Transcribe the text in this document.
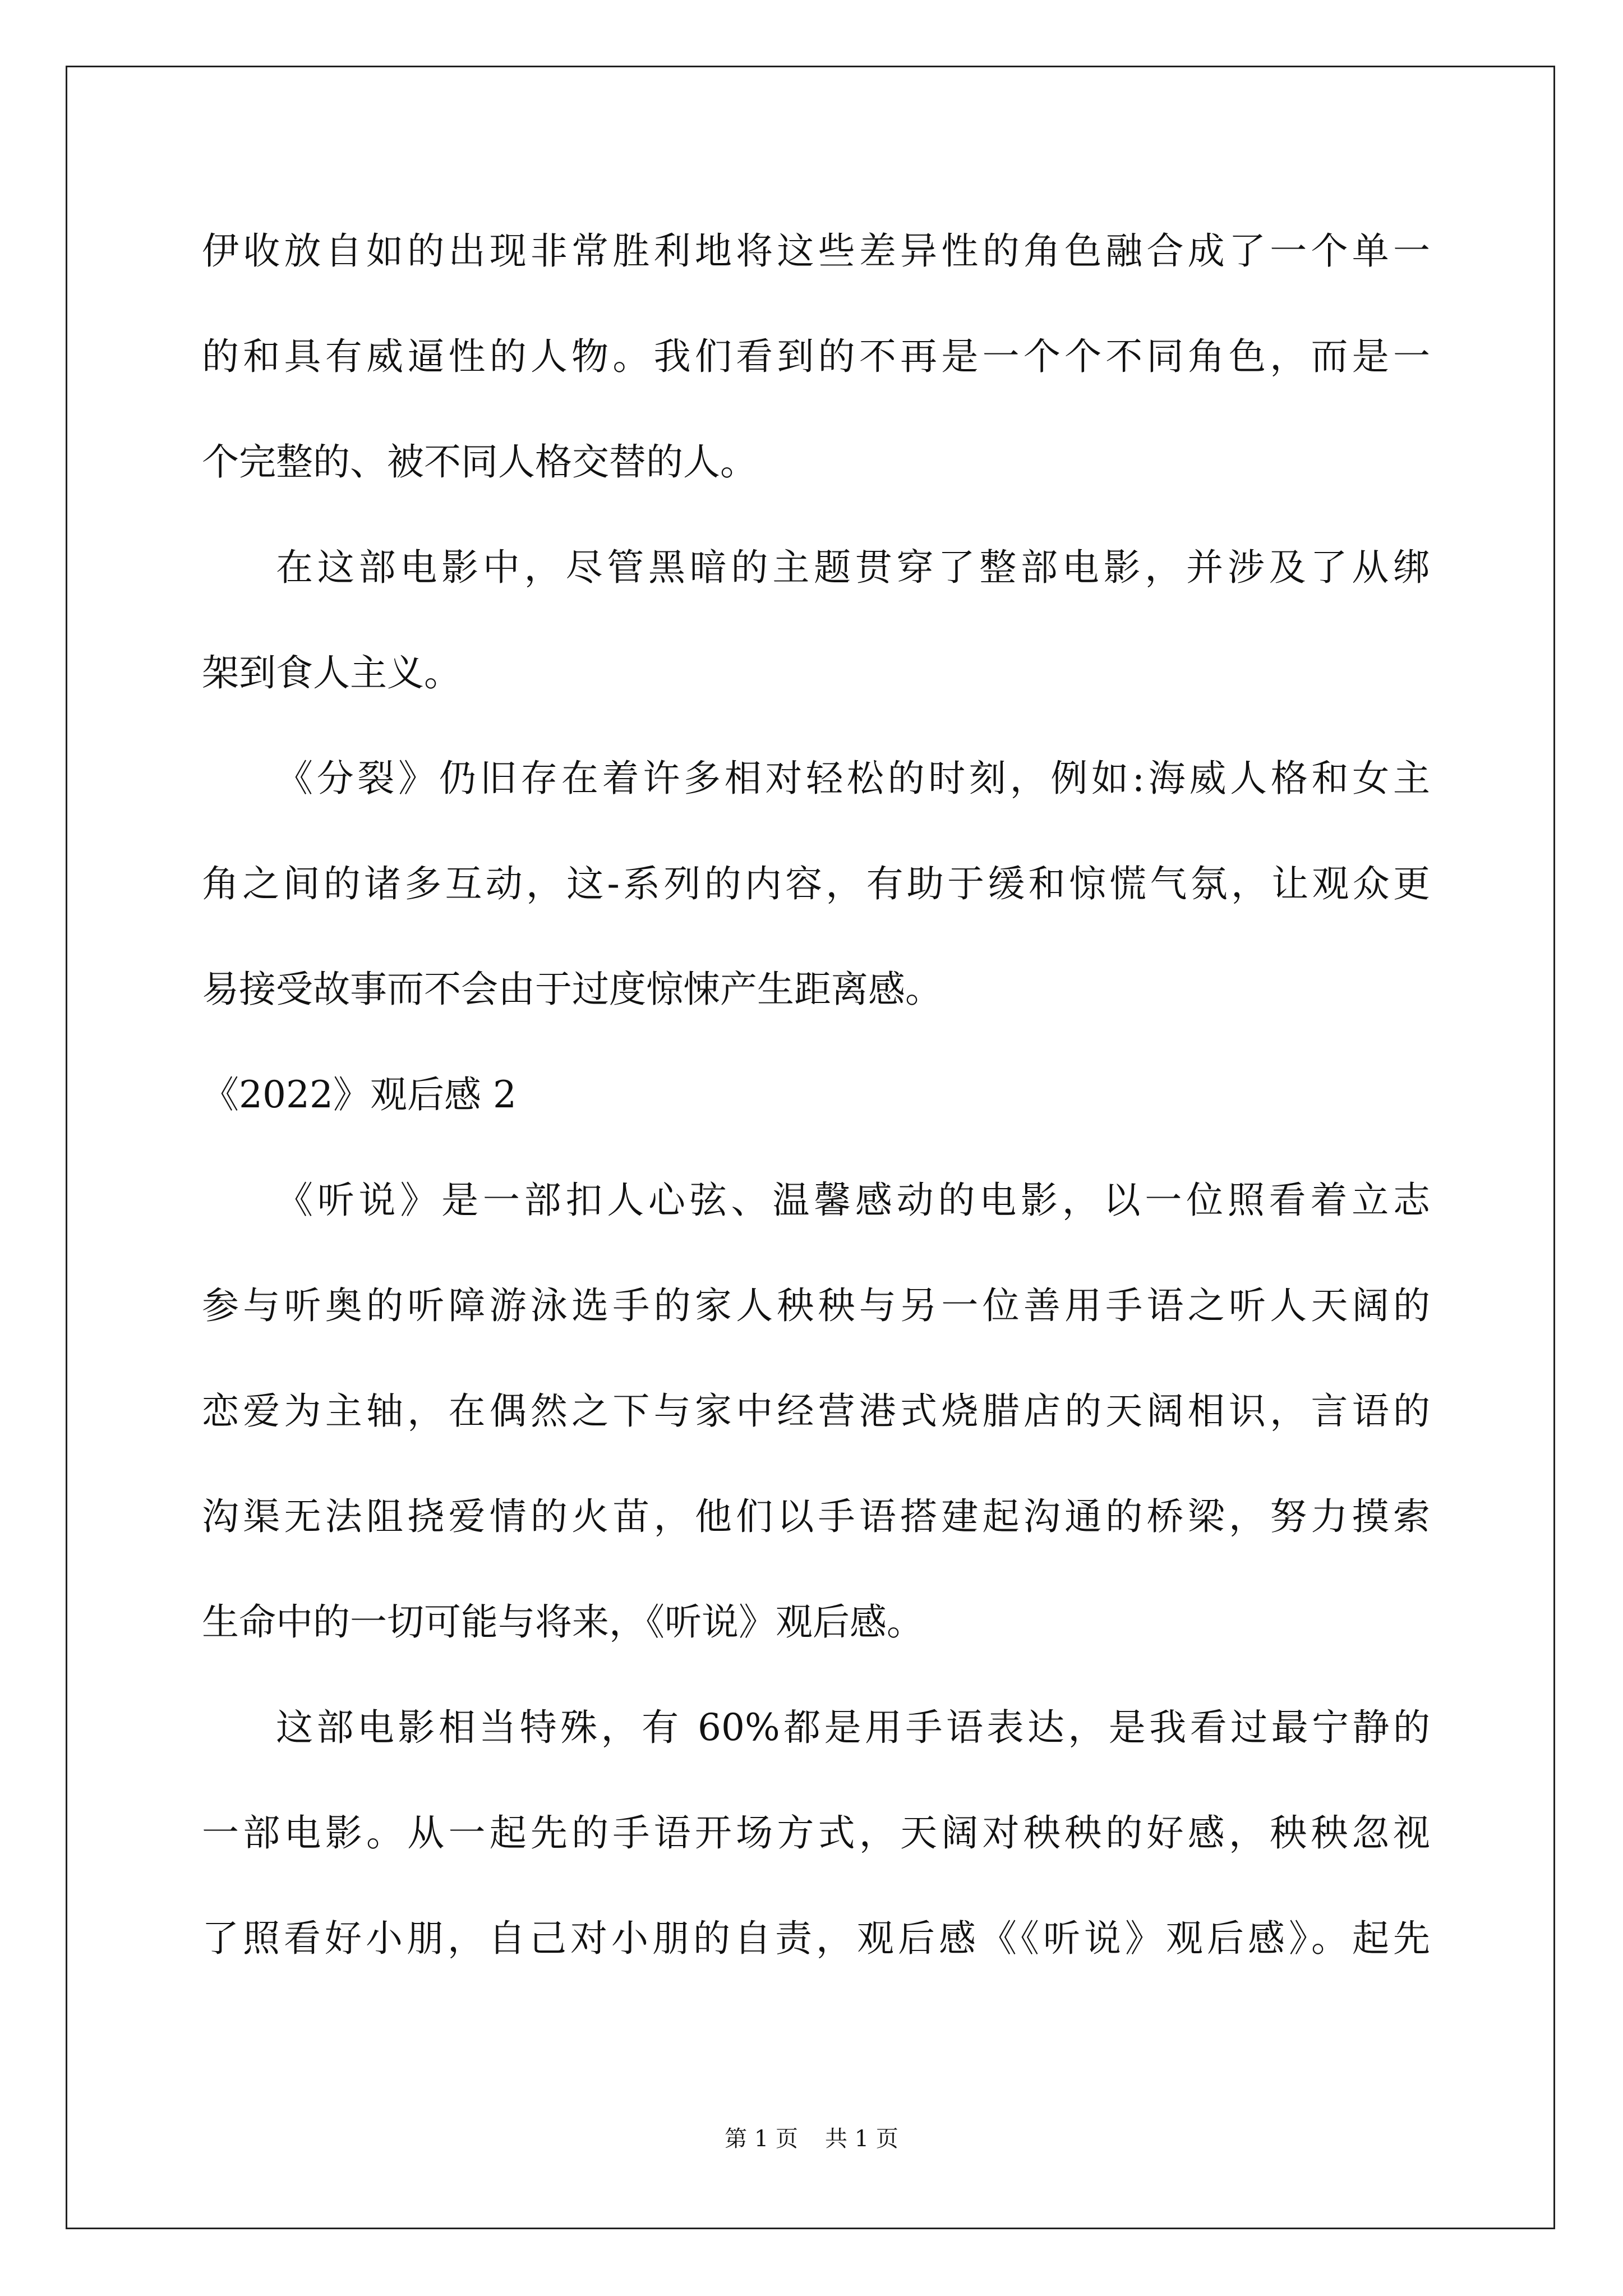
伊收放自如的出现非常胜利地将这些差异性的角色融合成了一个单一
的和具有威逼性的人物。我们看到的不再是一个个不同角色，而是一
个完整的、被不同人格交替的人。
在这部电影中，尽管黑暗的主题贯穿了整部电影，并涉及了从绑
架到食人主义。
《分裂》仍旧存在着许多相对轻松的时刻，例如:海威人格和女主
角之间的诸多互动，这-系列的内容，有助于缓和惊慌气氛，让观众更
易接受故事而不会由于过度惊悚产生距离感。
《2022》观后感 2
《听说》是一部扣人心弦、温馨感动的电影，以一位照看着立志
参与听奥的听障游泳选手的家人秧秧与另一位善用手语之听人天阔的
恋爱为主轴，在偶然之下与家中经营港式烧腊店的天阔相识，言语的
沟渠无法阻挠爱情的火苗，他们以手语搭建起沟通的桥梁，努力摸索
生命中的一切可能与将来，《听说》观后感。
这部电影相当特殊，有 60%都是用手语表达，是我看过最宁静的
一部电影。从一起先的手语开场方式，天阔对秧秧的好感，秧秧忽视
了照看好小朋，自己对小朋的自责，观后感《《听说》观后感》。起先
第 1 页 共 1 页
